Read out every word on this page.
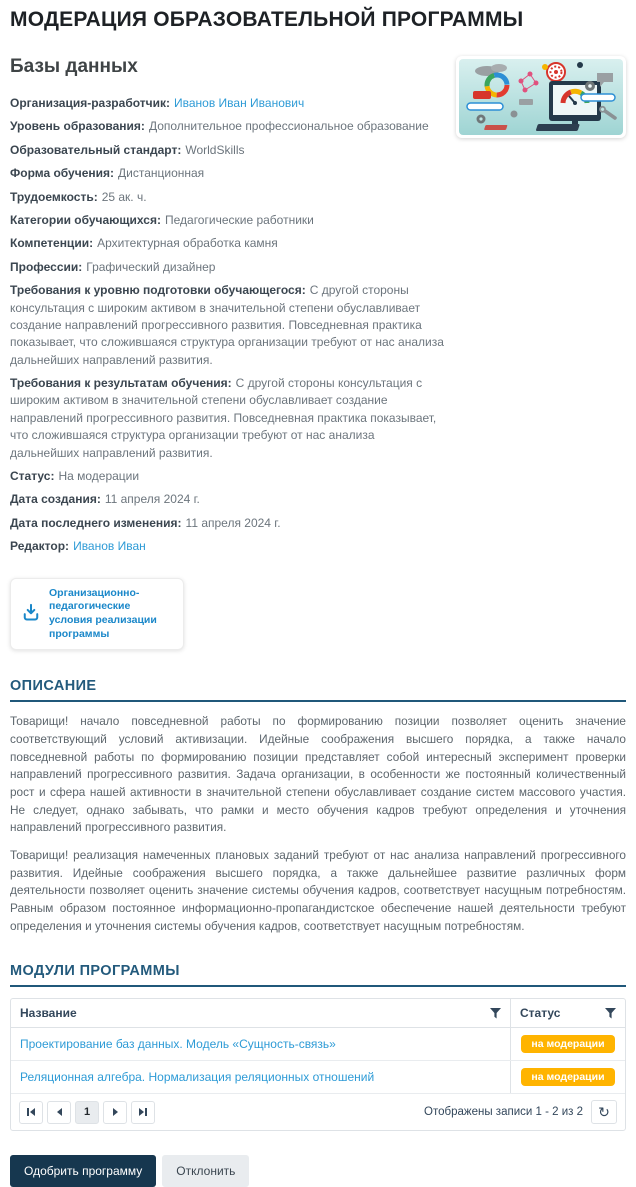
МОДЕРАЦИЯ ОБРАЗОВАТЕЛЬНОЙ ПРОГРАММЫ
Базы данных

Организация-разработчик: Иванов Иван Иванович

Уровень образования: Дополнительное профессиональное образование

Образовательный стандарт: WorldSkills

Форма обучения: Дистанционная

Трудоемкость: 25 ак. ч.

Категории обучающихся: Педагогические работники

Компетенции: Архитектурная обработка камня

Профессии: Графический дизайнер

Требования к уровню подготовки обучающегося: С другой стороны консультация с широким активом в значительной степени обуславливает создание направлений прогрессивного развития. Повседневная практика показывает, что сложившаяся структура организации требуют от нас анализа дальнейших направлений развития.

Требования к результатам обучения: С другой стороны консультация с широким активом в значительной степени обуславливает создание направлений прогрессивного развития. Повседневная практика показывает, что сложившаяся структура организации требуют от нас анализа дальнейших направлений развития.

Статус: На модерации

Дата создания: 11 апреля 2024 г.

Дата последнего изменения: 11 апреля 2024 г.

Редактор: Иванов Иван

Организационно-педагогические условия реализации программы
ОПИСАНИЕ

Товарищи! начало повседневной работы по формированию позиции позволяет оценить значение соответствующий условий активизации. Идейные соображения высшего порядка, а также начало повседневной работы по формированию позиции представляет собой интересный эксперимент проверки направлений прогрессивного развития. Задача организации, в особенности же постоянный количественный рост и сфера нашей активности в значительной степени обуславливает создание систем массового участия. Не следует, однако забывать, что рамки и место обучения кадров требуют определения и уточнения направлений прогрессивного развития.

Товарищи! реализация намеченных плановых заданий требуют от нас анализа направлений прогрессивного развития. Идейные соображения высшего порядка, а также дальнейшее развитие различных форм деятельности позволяет оценить значение системы обучения кадров, соответствует насущным потребностям. Равным образом постоянное информационно-пропагандистское обеспечение нашей деятельности требуют определения и уточнения системы обучения кадров, соответствует насущным потребностям.

МОДУЛИ ПРОГРАММЫ
Название	Статус
Проектирование баз данных. Модель «Сущность-связь»	на модерации
Реляционная алгебра. Нормализация реляционных отношений	на модерации
1	Отображены записи 1 - 2 из 2	↻
Одобрить программу	Отклонить
